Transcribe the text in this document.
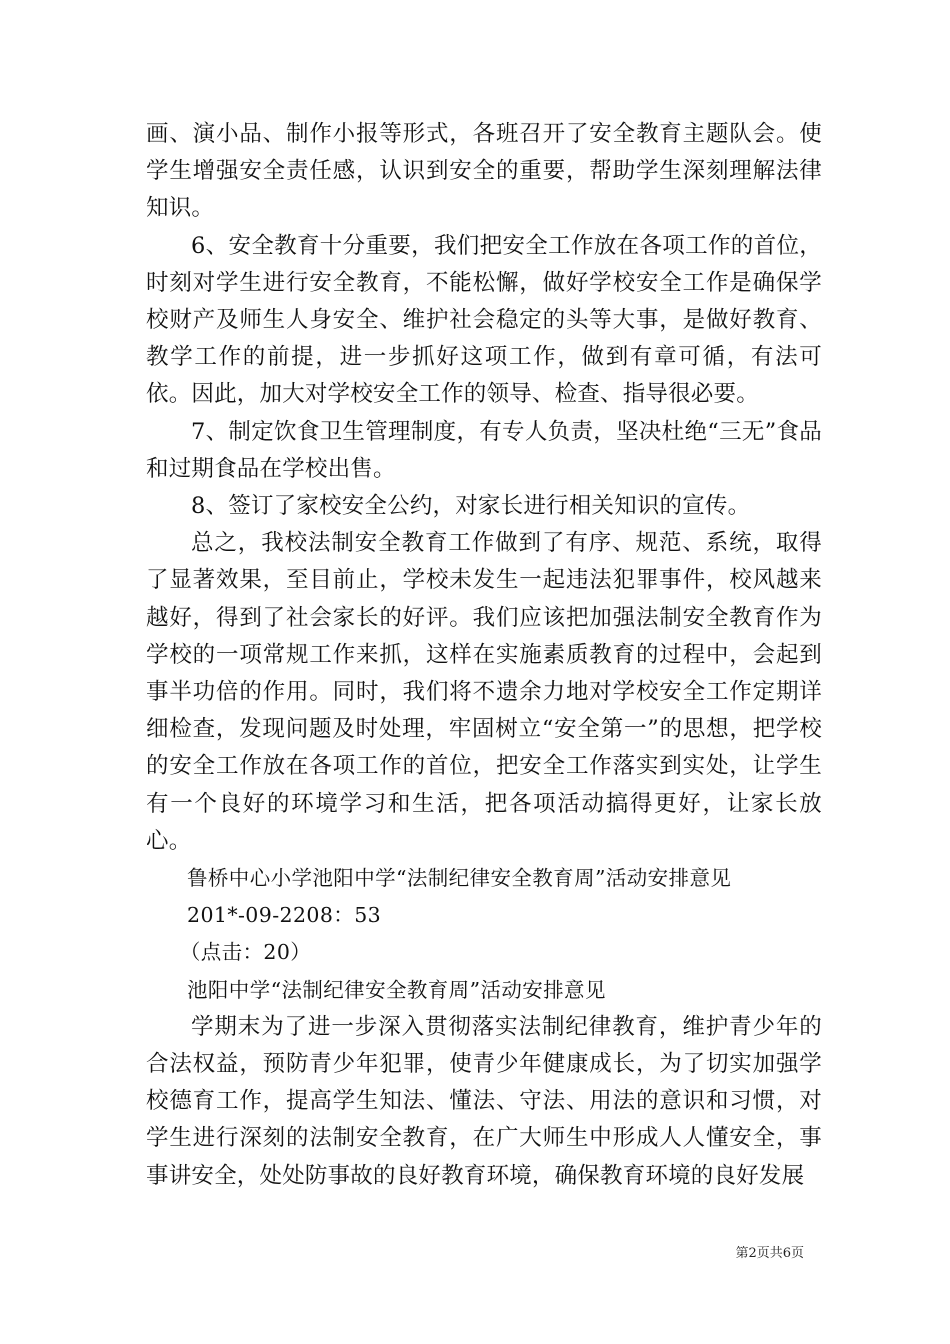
画、演小品、制作小报等形式，各班召开了安全教育主题队会。使学生增强安全责任感，认识到安全的重要，帮助学生深刻理解法律知识。

6、安全教育十分重要，我们把安全工作放在各项工作的首位，时刻对学生进行安全教育，不能松懈，做好学校安全工作是确保学校财产及师生人身安全、维护社会稳定的头等大事，是做好教育、教学工作的前提，进一步抓好这项工作，做到有章可循，有法可依。因此，加大对学校安全工作的领导、检查、指导很必要。

7、制定饮食卫生管理制度，有专人负责，坚决杜绝“三无”食品和过期食品在学校出售。

8、签订了家校安全公约，对家长进行相关知识的宣传。

总之，我校法制安全教育工作做到了有序、规范、系统，取得了显著效果，至目前止，学校未发生一起违法犯罪事件，校风越来越好，得到了社会家长的好评。我们应该把加强法制安全教育作为学校的一项常规工作来抓，这样在实施素质教育的过程中，会起到事半功倍的作用。同时，我们将不遗余力地对学校安全工作定期详细检查，发现问题及时处理，牢固树立“安全第一”的思想，把学校的安全工作放在各项工作的首位，把安全工作落实到实处，让学生有一个良好的环境学习和生活，把各项活动搞得更好，让家长放心。

鲁桥中心小学池阳中学“法制纪律安全教育周”活动安排意见

201*-09-2208：53

（点击：20）

池阳中学“法制纪律安全教育周”活动安排意见

学期末为了进一步深入贯彻落实法制纪律教育，维护青少年的合法权益，预防青少年犯罪，使青少年健康成长，为了切实加强学校德育工作，提高学生知法、懂法、守法、用法的意识和习惯，对学生进行深刻的法制安全教育，在广大师生中形成人人懂安全，事事讲安全，处处防事故的良好教育环境，确保教育环境的良好发展

第2页共6页
